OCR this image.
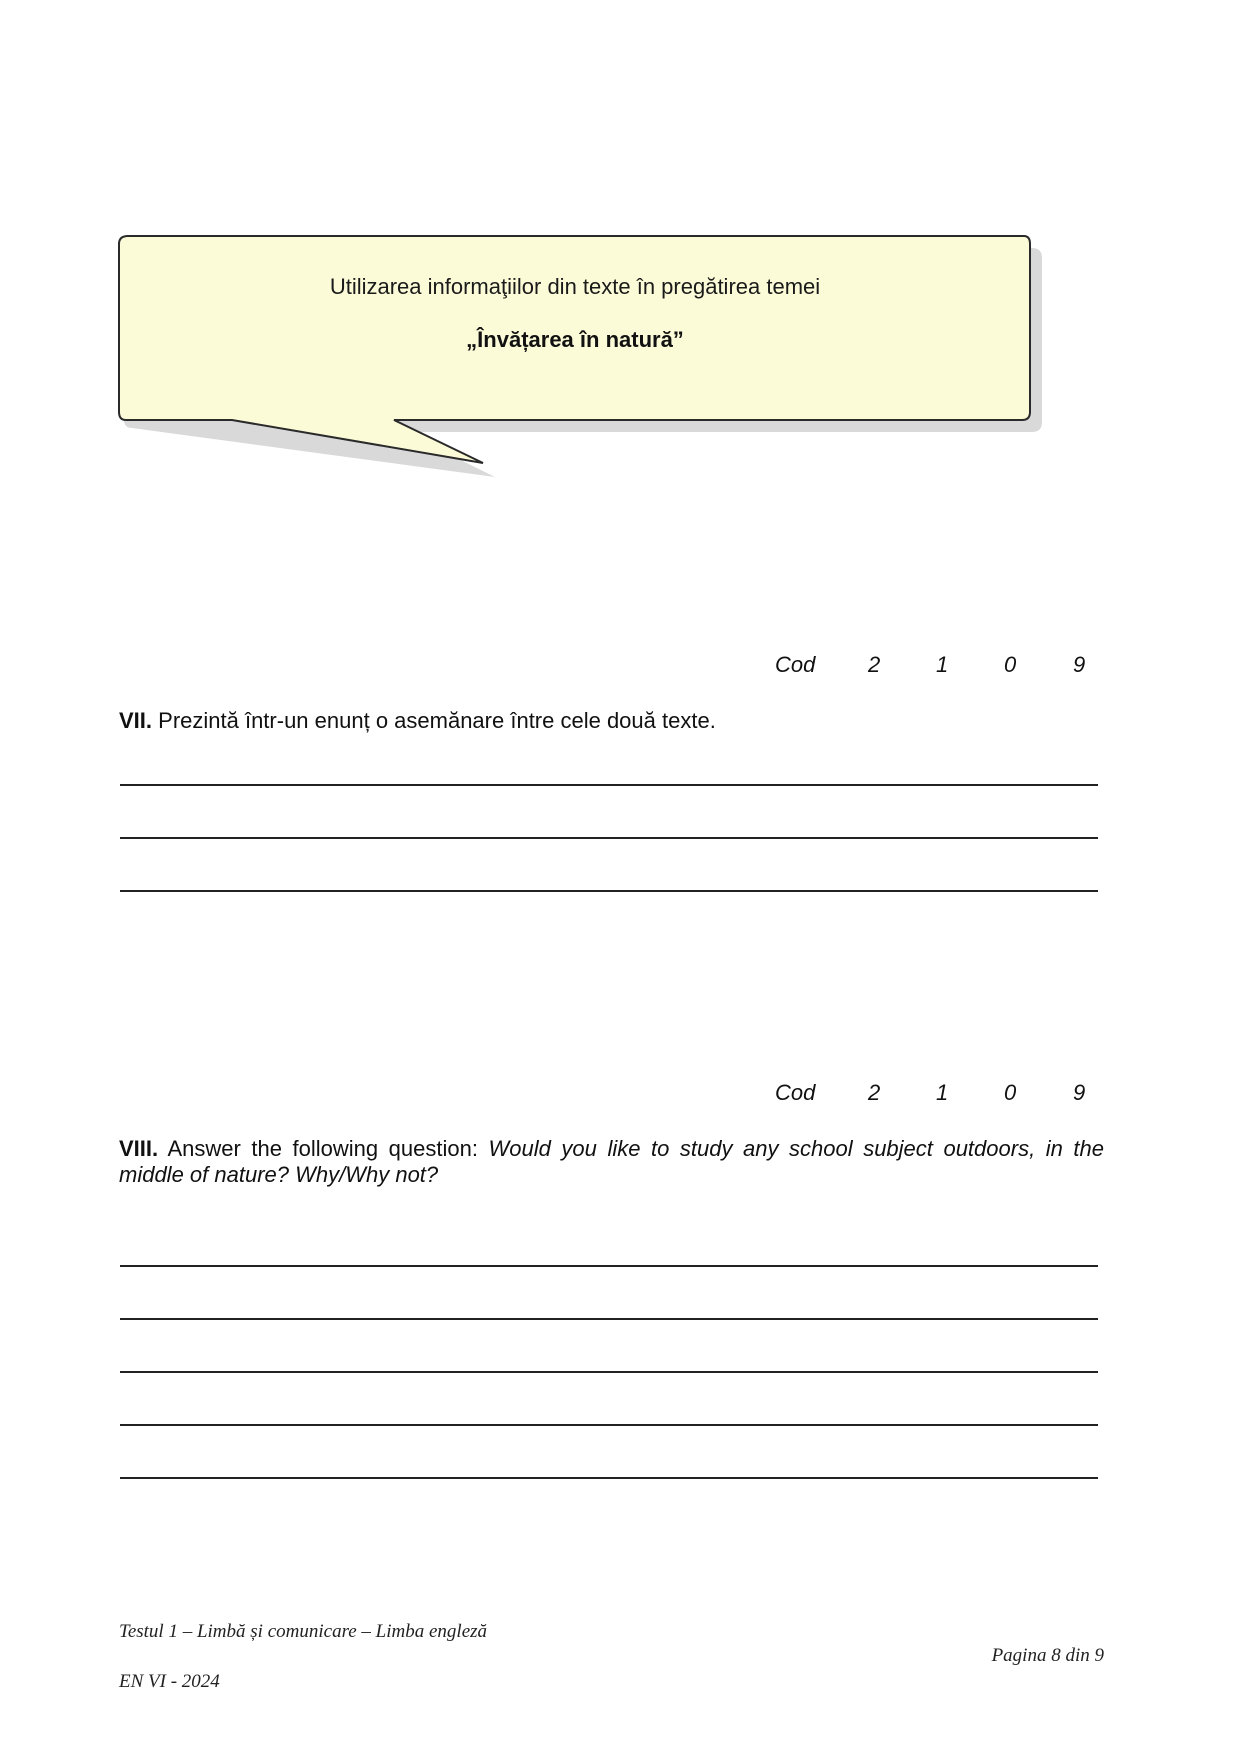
Utilizarea informaţiilor din texte în pregătirea temei
„Învățarea în natură”
Cod 2	1	0	9
VII. Prezintă într-un enunț o asemănare între cele două texte.
Cod 2	1	0	9
VIII. Answer the following question: Would you like to study any school subject outdoors, in the middle of nature? Why/Why not?
Testul 1 – Limbă și comunicare – Limba engleză
EN VI - 2024
Pagina 8 din 9
